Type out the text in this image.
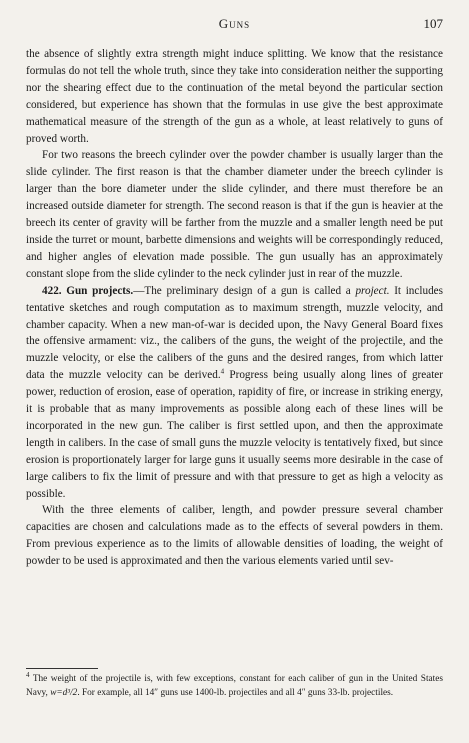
Guns	107

the absence of slightly extra strength might induce splitting. We know that the resistance formulas do not tell the whole truth, since they take into consideration neither the supporting nor the shearing effect due to the continuation of the metal beyond the particular section considered, but experience has shown that the formulas in use give the best approximate mathematical measure of the strength of the gun as a whole, at least relatively to guns of proved worth.

For two reasons the breech cylinder over the powder chamber is usually larger than the slide cylinder. The first reason is that the chamber diameter under the breech cylinder is larger than the bore diameter under the slide cylinder, and there must therefore be an increased outside diameter for strength. The second reason is that if the gun is heavier at the breech its center of gravity will be farther from the muzzle and a smaller length need be put inside the turret or mount, barbette dimensions and weights will be correspondingly reduced, and higher angles of elevation made possible. The gun usually has an approximately constant slope from the slide cylinder to the neck cylinder just in rear of the muzzle.

422. Gun projects.—The preliminary design of a gun is called a project. It includes tentative sketches and rough computation as to maximum strength, muzzle velocity, and chamber capacity. When a new man-of-war is decided upon, the Navy General Board fixes the offensive armament: viz., the calibers of the guns, the weight of the projectile, and the muzzle velocity, or else the calibers of the guns and the desired ranges, from which latter data the muzzle velocity can be derived.$^4$ Progress being usually along lines of greater power, reduction of erosion, ease of operation, rapidity of fire, or increase in striking energy, it is probable that as many improvements as possible along each of these lines will be incorporated in the new gun. The caliber is first settled upon, and then the approximate length in calibers. In the case of small guns the muzzle velocity is tentatively fixed, but since erosion is proportionately larger for large guns it usually seems more desirable in the case of large calibers to fix the limit of pressure and with that pressure to get as high a velocity as possible.

With the three elements of caliber, length, and powder pressure several chamber capacities are chosen and calculations made as to the effects of several powders in them. From previous experience as to the limits of allowable densities of loading, the weight of powder to be used is approximated and then the various elements varied until sev-

$^4$ The weight of the projectile is, with few exceptions, constant for each caliber of gun in the United States Navy, w=d³/2. For example, all 14″ guns use 1400-lb. projectiles and all 4″ guns 33-lb. projectiles.
